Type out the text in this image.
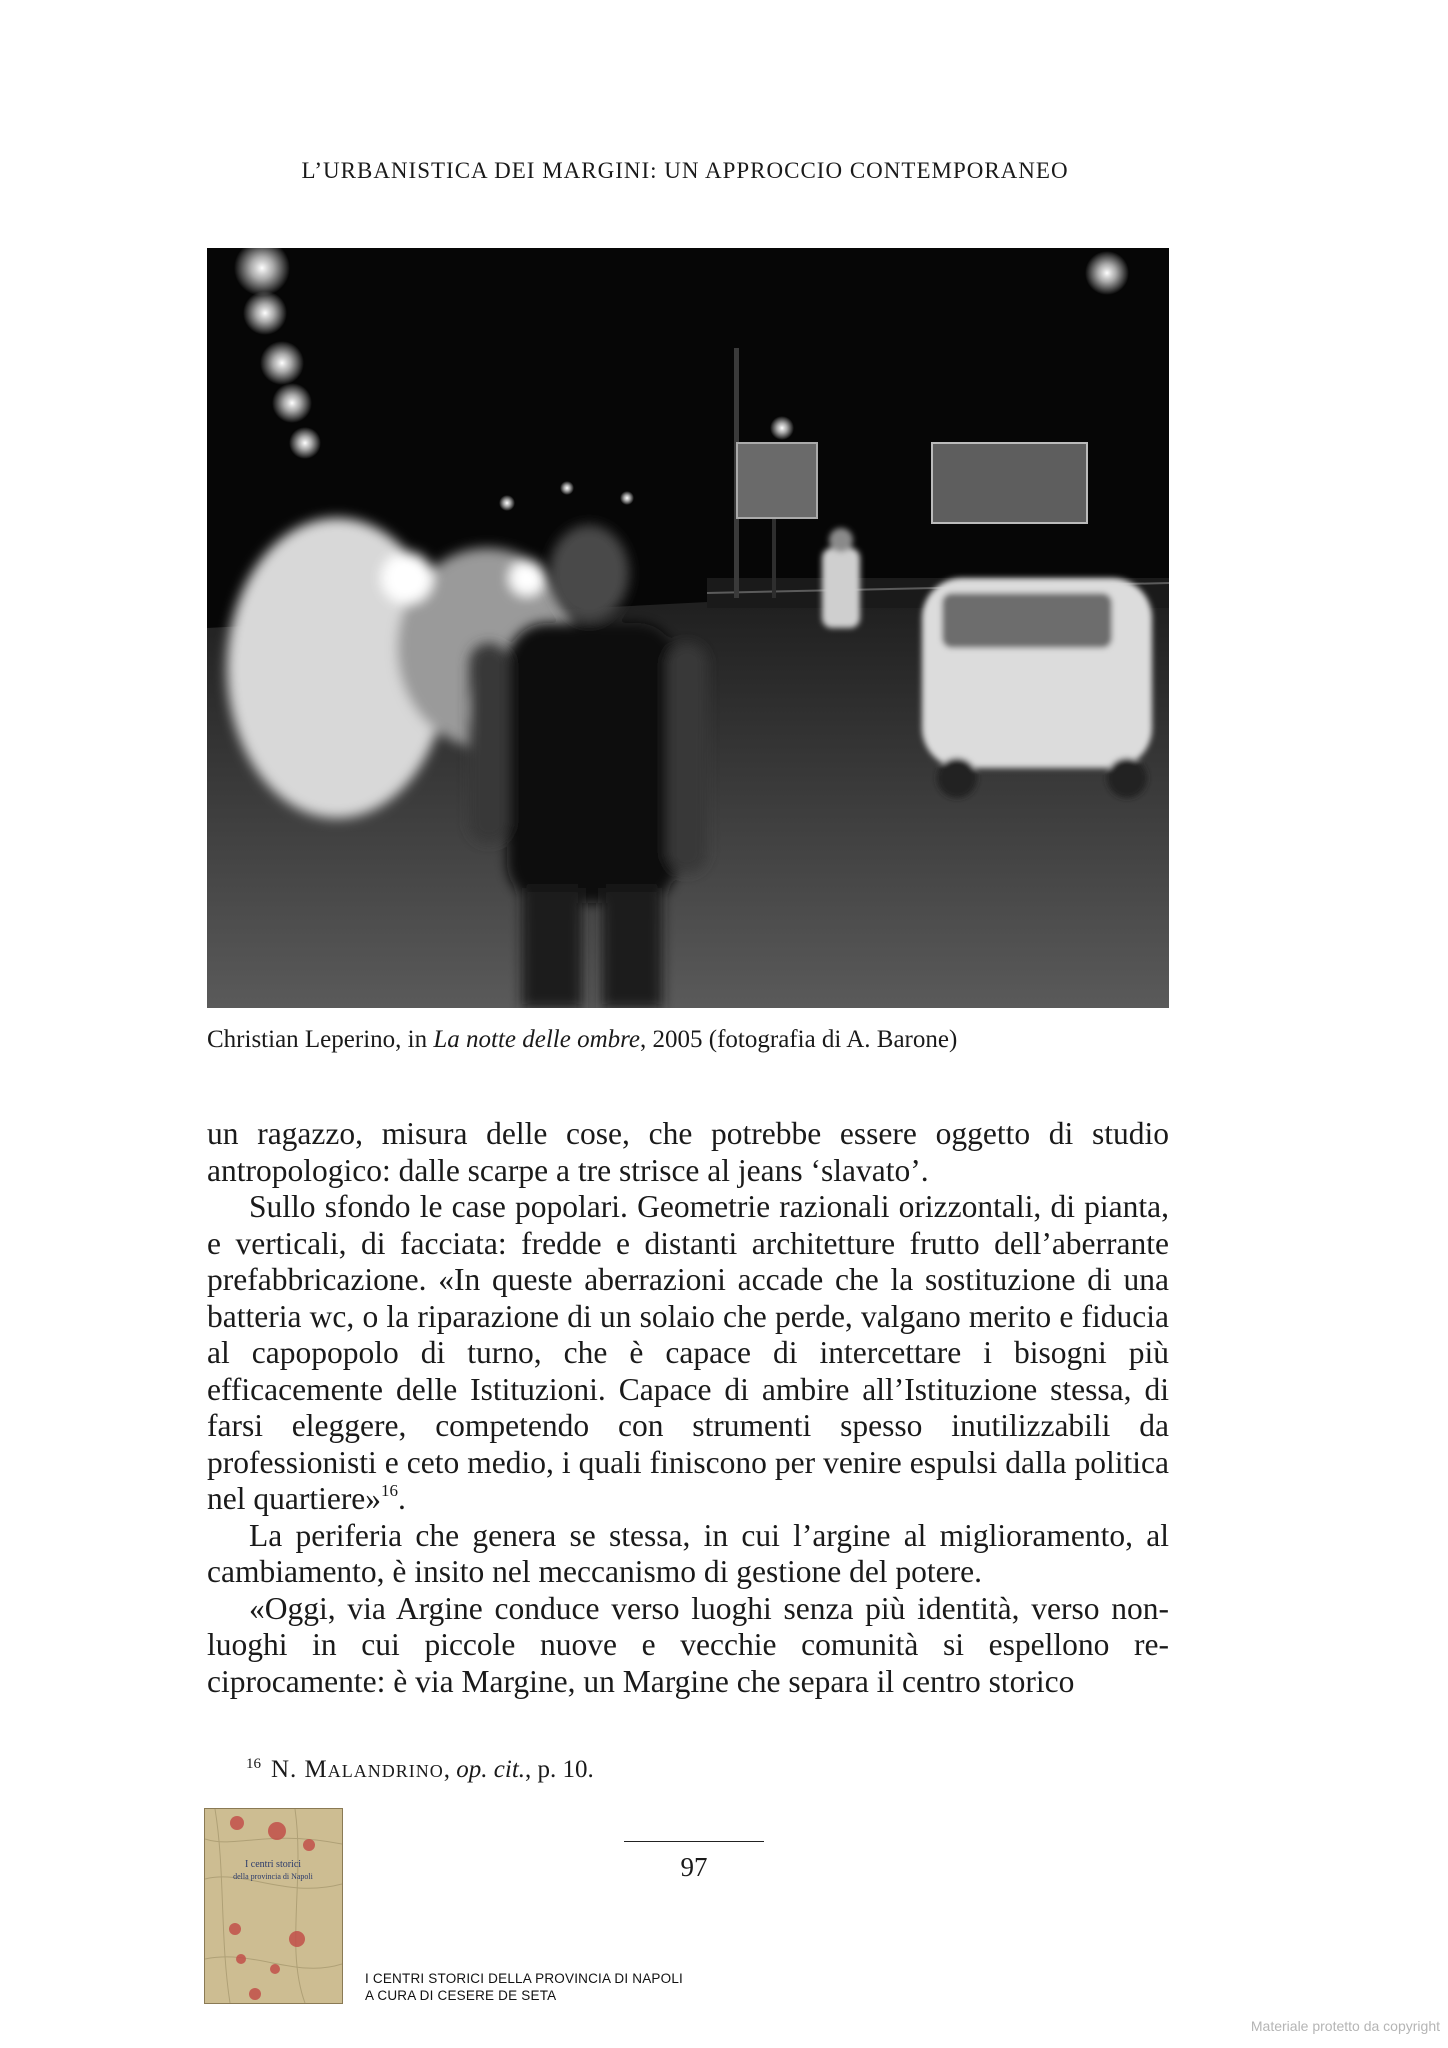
L’URBANISTICA DEI MARGINI: UN APPROCCIO CONTEMPORANEO
Christian Leperino, in La notte delle ombre, 2005 (fotografia di A. Barone)

un ragazzo, misura delle cose, che potrebbe essere oggetto di studio antropologico: dalle scarpe a tre strisce al jeans ‘slavato’.

Sullo sfondo le case popolari. Geometrie razionali orizzontali, di pianta, e verticali, di facciata: fredde e distanti architetture frutto dell’aberrante prefabbricazione. «In queste aberrazioni accade che la sostituzione di una batteria wc, o la riparazione di un solaio che perde, valgano merito e fiducia al capopopolo di turno, che è capace di intercettare i bisogni più efficacemente delle Istituzioni. Capace di ambire all’Istituzione stessa, di farsi eleggere, competendo con strumenti spesso inutilizzabili da professionisti e ceto medio, i quali finiscono per venire espulsi dalla politica nel quartiere»$^{16}$.

La periferia che genera se stessa, in cui l’argine al miglioramento, al cambiamento, è insito nel meccanismo di gestione del potere.

«Oggi, via Argine conduce verso luoghi senza più identità, verso non-luoghi in cui piccole nuove e vecchie comunità si espellono reciprocamente: è via Margine, un Margine che separa il centro storico

$^{16}$ N. Malandrino, op. cit., p. 10.
97
I centri storici
della provincia di Napoli
I CENTRI STORICI DELLA PROVINCIA DI NAPOLI
A CURA DI CESERE DE SETA
Materiale protetto da copyright
